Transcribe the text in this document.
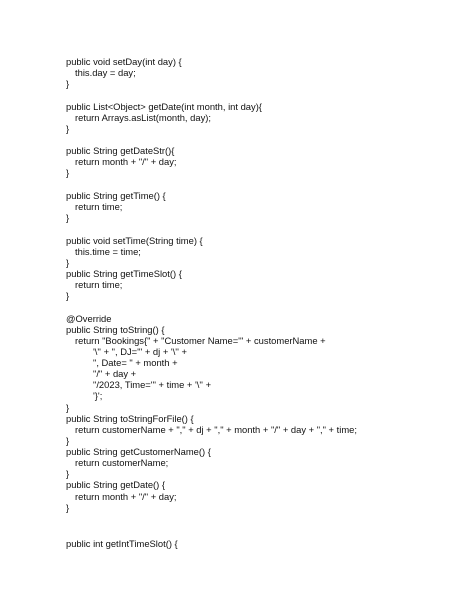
public void setDay(int day) {
this.day = day;
}
public List<Object> getDate(int month, int day){
return Arrays.asList(month, day);
}
public String getDateStr(){
return month + "/" + day;
}
public String getTime() {
return time;
}
public void setTime(String time) {
this.time = time;
}
public String getTimeSlot() {
return time;
}
@Override
public String toString() {
return "Bookings{" + "Customer Name='" + customerName +
'\'' + ", DJ='" + dj + '\'' +
", Date= " + month +
"/" + day +
"/2023, Time='" + time + '\'' +
'}';
}
public String toStringForFile() {
return customerName + "," + dj + "," + month + "/" + day + "," + time;
}
public String getCustomerName() {
return customerName;
}
public String getDate() {
return month + "/" + day;
}
public int getIntTimeSlot() {
